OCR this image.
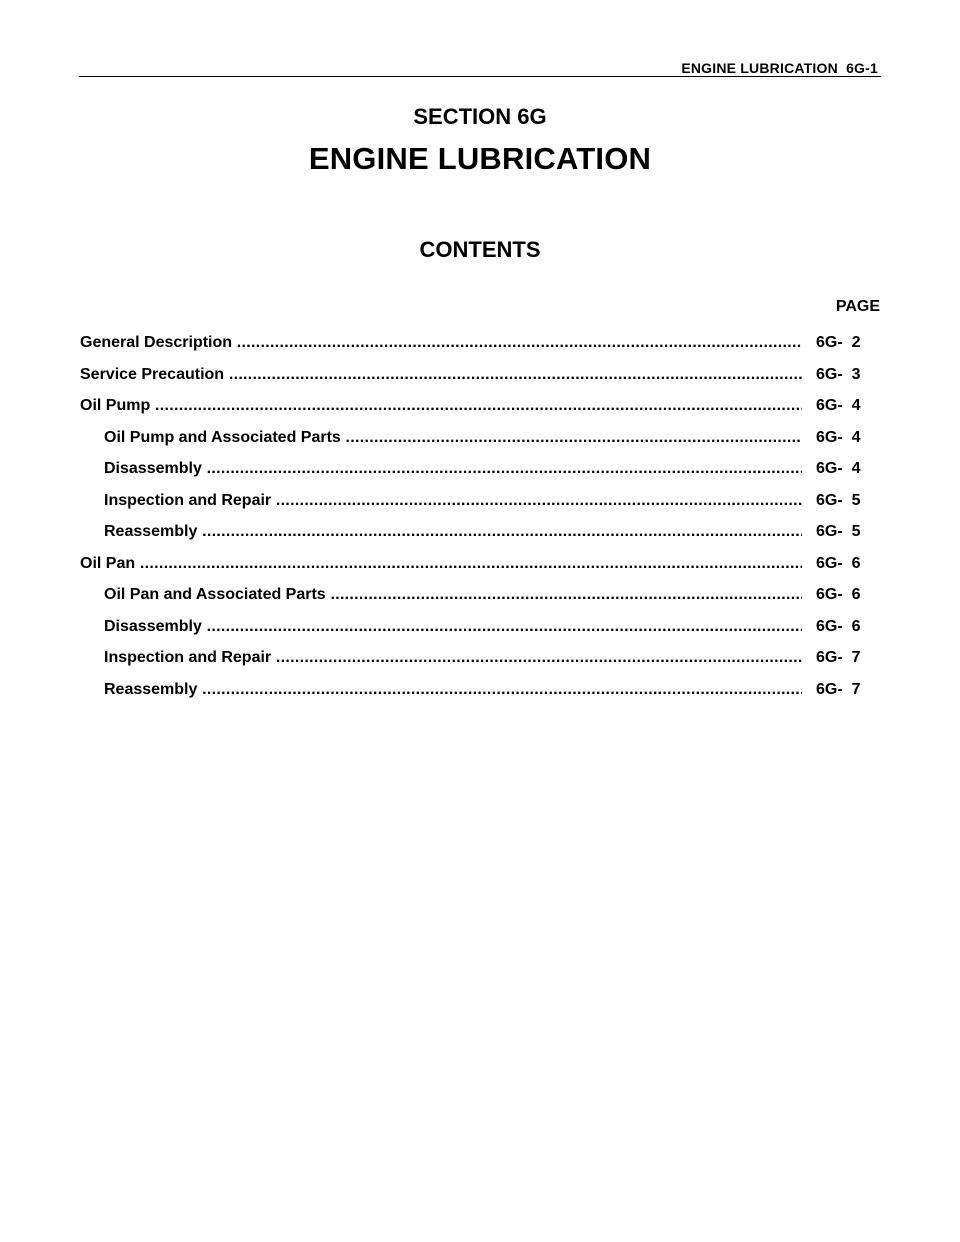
ENGINE LUBRICATION  6G-1
SECTION 6G
ENGINE LUBRICATION
CONTENTS
PAGE
General Description .....	6G-  2
Service Precaution .....	6G-  3
Oil Pump .....	6G-  4
Oil Pump and Associated Parts .....	6G-  4
Disassembly .....	6G-  4
Inspection and Repair .....	6G-  5
Reassembly .....	6G-  5
Oil Pan .....	6G-  6
Oil Pan and Associated Parts .....	6G-  6
Disassembly .....	6G-  6
Inspection and Repair .....	6G-  7
Reassembly .....	6G-  7
